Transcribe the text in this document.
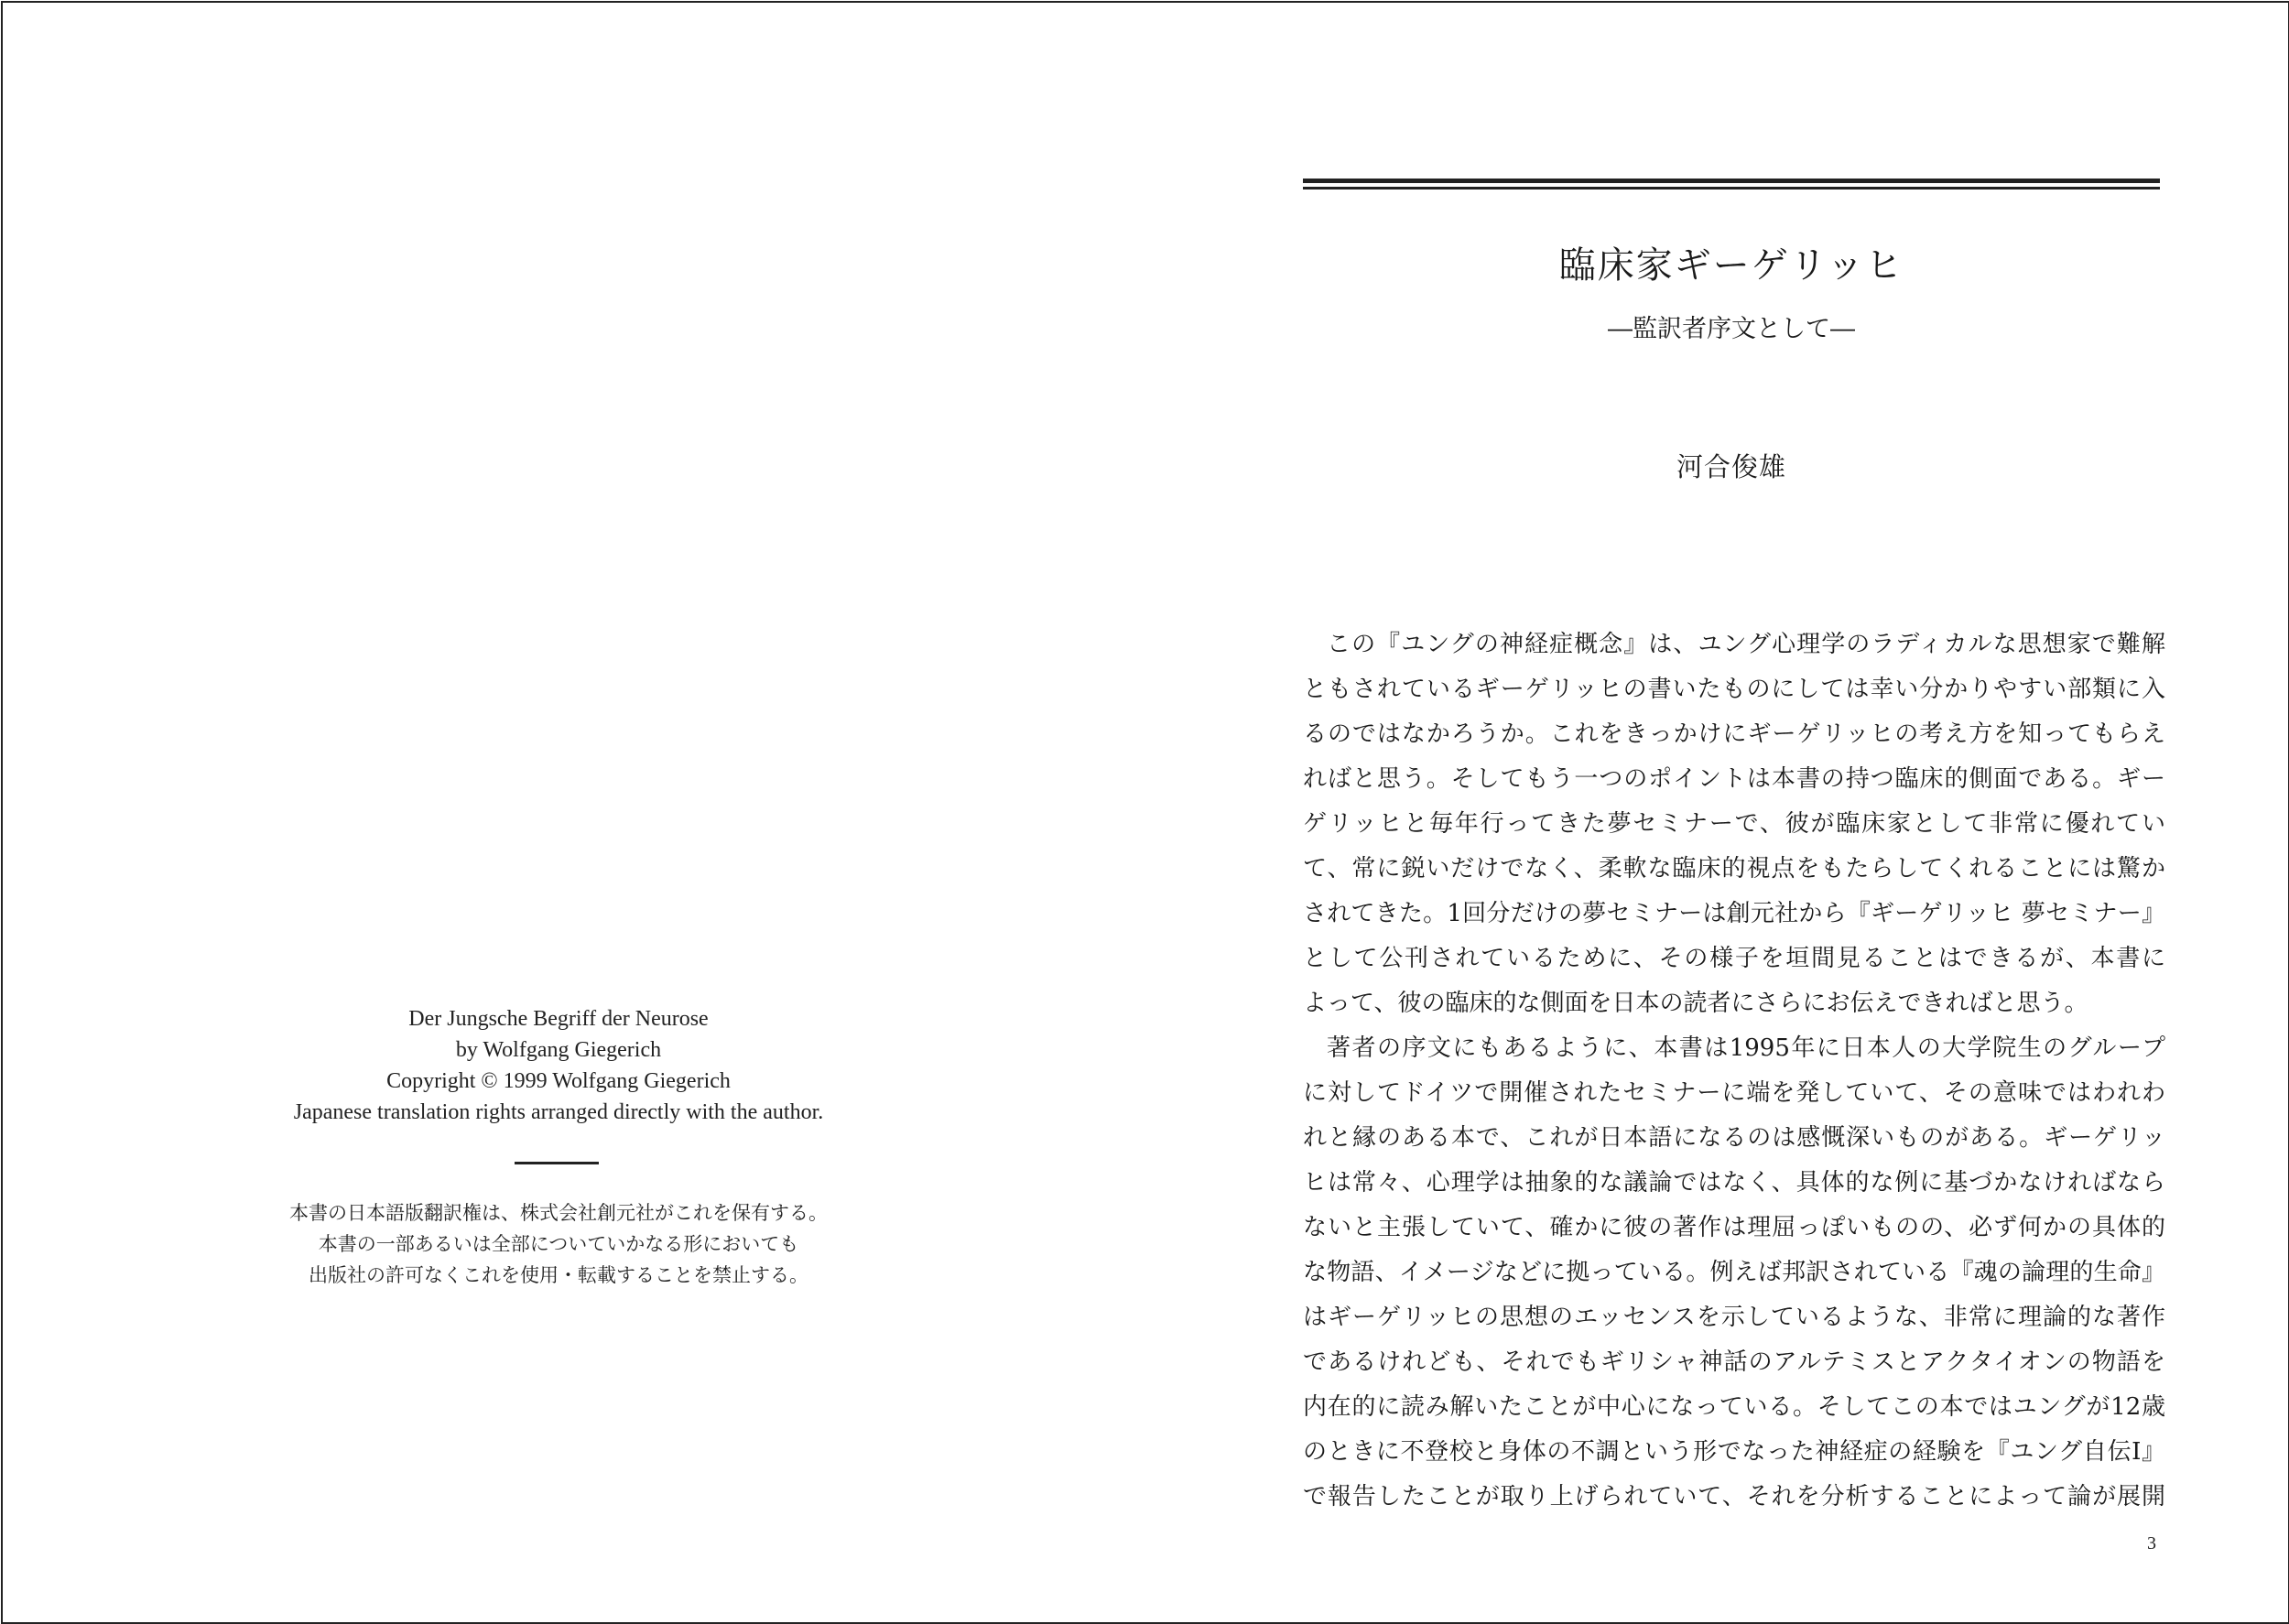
Der Jungsche Begriff der Neurose
by Wolfgang Giegerich
Copyright © 1999 Wolfgang Giegerich
Japanese translation rights arranged directly with the author.
本書の日本語版翻訳権は、株式会社創元社がこれを保有する。
本書の一部あるいは全部についていかなる形においても
出版社の許可なくこれを使用・転載することを禁止する。
臨床家ギーゲリッヒ
―監訳者序文として―
河合俊雄
この『ユングの神経症概念』は、ユング心理学のラディカルな思想家で難解
ともされているギーゲリッヒの書いたものにしては幸い分かりやすい部類に入
るのではなかろうか。これをきっかけにギーゲリッヒの考え方を知ってもらえ
ればと思う。そしてもう一つのポイントは本書の持つ臨床的側面である。ギー
ゲリッヒと毎年行ってきた夢セミナーで、彼が臨床家として非常に優れてい
て、常に鋭いだけでなく、柔軟な臨床的視点をもたらしてくれることには驚か
されてきた。1回分だけの夢セミナーは創元社から『ギーゲリッヒ 夢セミナー』
として公刊されているために、その様子を垣間見ることはできるが、本書に
よって、彼の臨床的な側面を日本の読者にさらにお伝えできればと思う。
著者の序文にもあるように、本書は1995年に日本人の大学院生のグループ
に対してドイツで開催されたセミナーに端を発していて、その意味ではわれわ
れと縁のある本で、これが日本語になるのは感慨深いものがある。ギーゲリッ
ヒは常々、心理学は抽象的な議論ではなく、具体的な例に基づかなければなら
ないと主張していて、確かに彼の著作は理屈っぽいものの、必ず何かの具体的
な物語、イメージなどに拠っている。例えば邦訳されている『魂の論理的生命』
はギーゲリッヒの思想のエッセンスを示しているような、非常に理論的な著作
であるけれども、それでもギリシャ神話のアルテミスとアクタイオンの物語を
内在的に読み解いたことが中心になっている。そしてこの本ではユングが12歳
のときに不登校と身体の不調という形でなった神経症の経験を『ユング自伝I』
で報告したことが取り上げられていて、それを分析することによって論が展開
3
